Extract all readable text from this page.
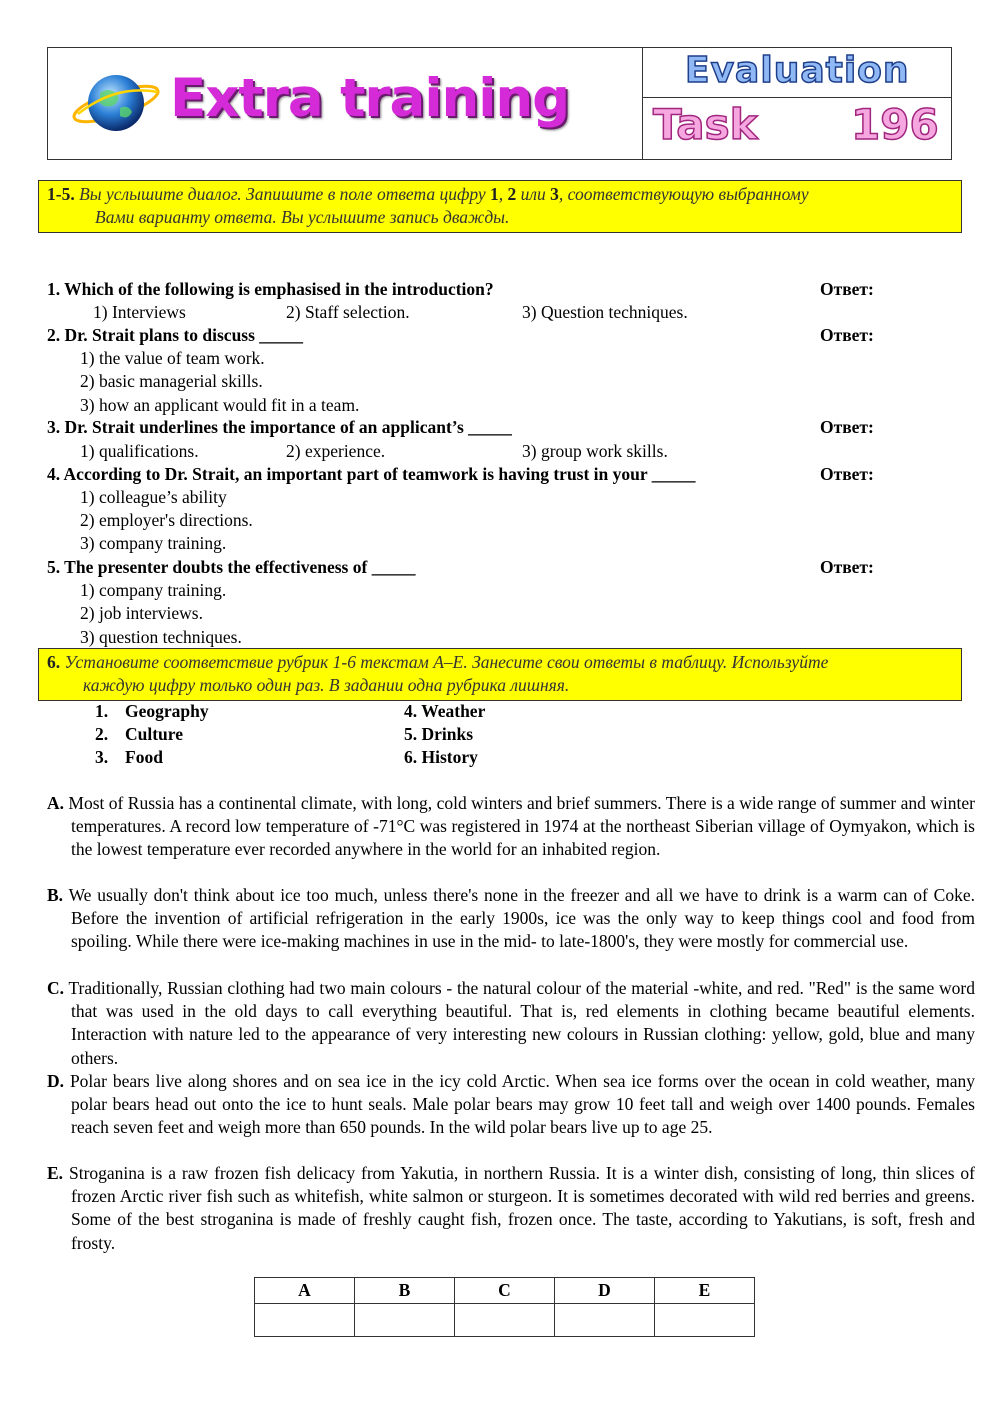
Extra training	Evaluation
Task 196
1-5. Вы услышите диалог. Запишите в поле ответа цифру 1, 2 или 3, соответствующую выбранному
Вами варианту ответа. Вы услышите запись дважды.
1. Which of the following is emphasised in the introduction?	Ответ:
1) Interviews	2) Staff selection.	3) Question techniques.
2. Dr. Strait plans to discuss _____	Ответ:
1) the value of team work.
2) basic managerial skills.
3) how an applicant would fit in a team.
3. Dr. Strait underlines the importance of an applicant’s _____	Ответ:
1) qualifications.	2) experience.	3) group work skills.
4. According to Dr. Strait, an important part of teamwork is having trust in your _____	Ответ:
1) colleague’s ability
2) employer's directions.
3) company training.
5. The presenter doubts the effectiveness of _____	Ответ:
1) company training.
2) job interviews.
3) question techniques.
6. Установите соответствие рубрик 1-6 текстам А–Е. Занесите свои ответы в таблицу. Используйте
каждую цифру только один раз. В задании одна рубрика лишняя.
1. Geography
2. Culture
3. Food
4. Weather
5. Drinks
6. History
A. Most of Russia has a continental climate, with long, cold winters and brief summers. There is a wide range of summer and winter temperatures. A record low temperature of -71°C was registered in 1974 at the northeast Siberian village of Oymyakon, which is the lowest temperature ever recorded anywhere in the world for an inhabited region.
B. We usually don't think about ice too much, unless there's none in the freezer and all we have to drink is a warm can of Coke. Before the invention of artificial refrigeration in the early 1900s, ice was the only way to keep things cool and food from spoiling. While there were ice-making machines in use in the mid- to late-1800's, they were mostly for commercial use.
C. Traditionally, Russian clothing had two main colours - the natural colour of the material -white, and red. "Red" is the same word that was used in the old days to call everything beautiful. That is, red elements in clothing became beautiful elements. Interaction with nature led to the appearance of very interesting new colours in Russian clothing: yellow, gold, blue and many others.
D. Polar bears live along shores and on sea ice in the icy cold Arctic. When sea ice forms over the ocean in cold weather, many polar bears head out onto the ice to hunt seals. Male polar bears may grow 10 feet tall and weigh over 1400 pounds. Females reach seven feet and weigh more than 650 pounds. In the wild polar bears live up to age 25.
E. Stroganina is a raw frozen fish delicacy from Yakutia, in northern Russia. It is a winter dish, consisting of long, thin slices of frozen Arctic river fish such as whitefish, white salmon or sturgeon. It is sometimes decorated with wild red berries and greens. Some of the best stroganina is made of freshly caught fish, frozen once. The taste, according to Yakutians, is soft, fresh and frosty.
A	B	C	D	E
